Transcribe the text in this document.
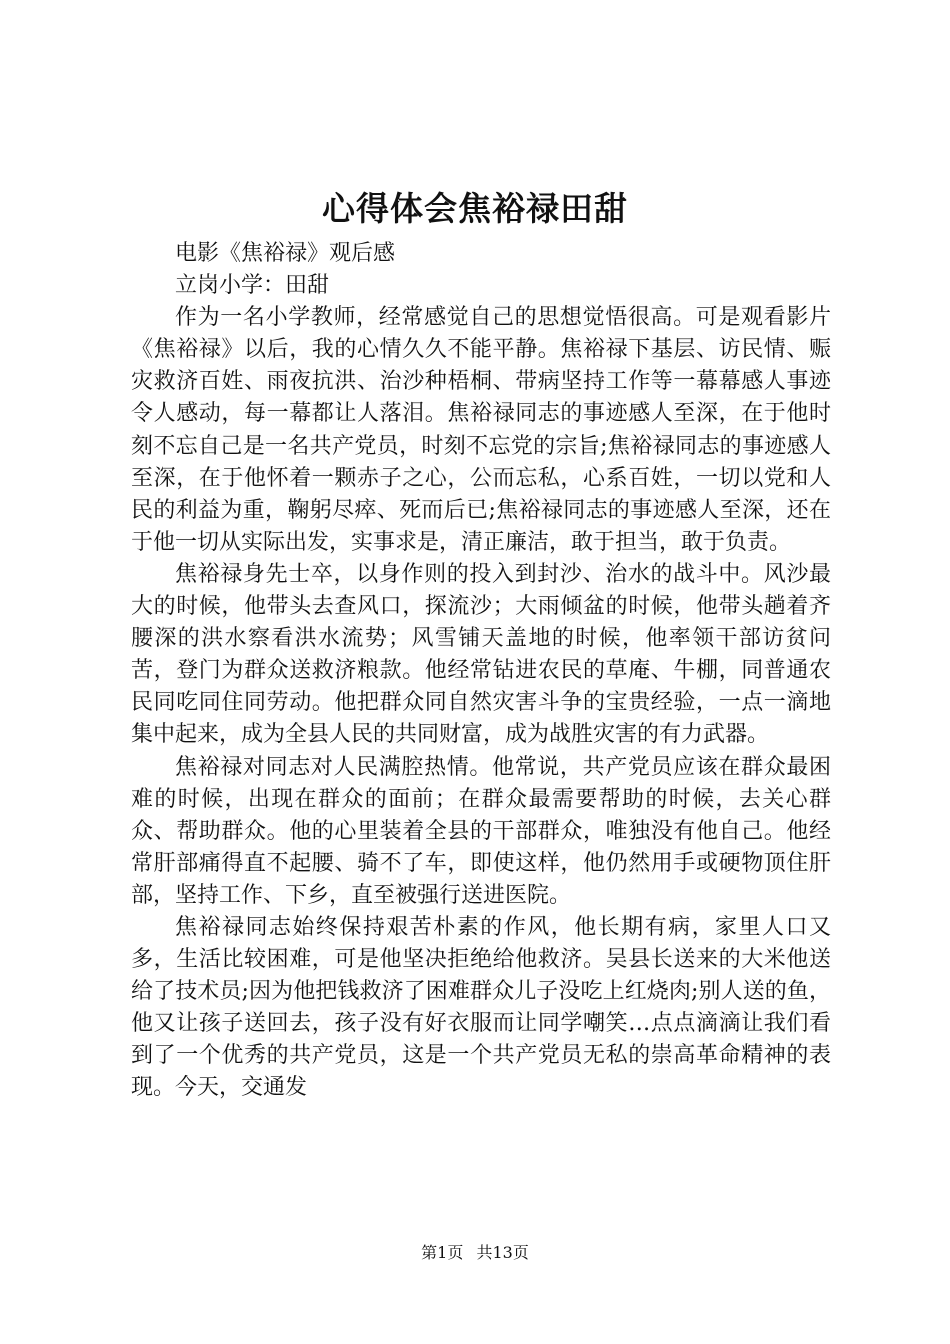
心得体会焦裕禄田甜

电影《焦裕禄》观后感

立岗小学：田甜

作为一名小学教师，经常感觉自己的思想觉悟很高。可是观看影片《焦裕禄》以后，我的心情久久不能平静。焦裕禄下基层、访民情、赈灾救济百姓、雨夜抗洪、治沙种梧桐、带病坚持工作等一幕幕感人事迹令人感动，每一幕都让人落泪。焦裕禄同志的事迹感人至深，在于他时刻不忘自己是一名共产党员，时刻不忘党的宗旨;焦裕禄同志的事迹感人至深，在于他怀着一颗赤子之心，公而忘私，心系百姓，一切以党和人民的利益为重，鞠躬尽瘁、死而后已;焦裕禄同志的事迹感人至深，还在于他一切从实际出发，实事求是，清正廉洁，敢于担当，敢于负责。

焦裕禄身先士卒，以身作则的投入到封沙、治水的战斗中。风沙最大的时候，他带头去查风口，探流沙；大雨倾盆的时候，他带头趟着齐腰深的洪水察看洪水流势；风雪铺天盖地的时候，他率领干部访贫问苦，登门为群众送救济粮款。他经常钻进农民的草庵、牛棚，同普通农民同吃同住同劳动。他把群众同自然灾害斗争的宝贵经验，一点一滴地集中起来，成为全县人民的共同财富，成为战胜灾害的有力武器。

焦裕禄对同志对人民满腔热情。他常说，共产党员应该在群众最困难的时候，出现在群众的面前；在群众最需要帮助的时候，去关心群众、帮助群众。他的心里装着全县的干部群众，唯独没有他自己。他经常肝部痛得直不起腰、骑不了车，即使这样，他仍然用手或硬物顶住肝部，坚持工作、下乡，直至被强行送进医院。

焦裕禄同志始终保持艰苦朴素的作风，他长期有病，家里人口又多，生活比较困难，可是他坚决拒绝给他救济。吴县长送来的大米他送给了技术员;因为他把钱救济了困难群众儿子没吃上红烧肉;别人送的鱼，他又让孩子送回去，孩子没有好衣服而让同学嘲笑…点点滴滴让我们看到了一个优秀的共产党员，这是一个共产党员无私的崇高革命精神的表现。今天，交通发

第1页 共13页
